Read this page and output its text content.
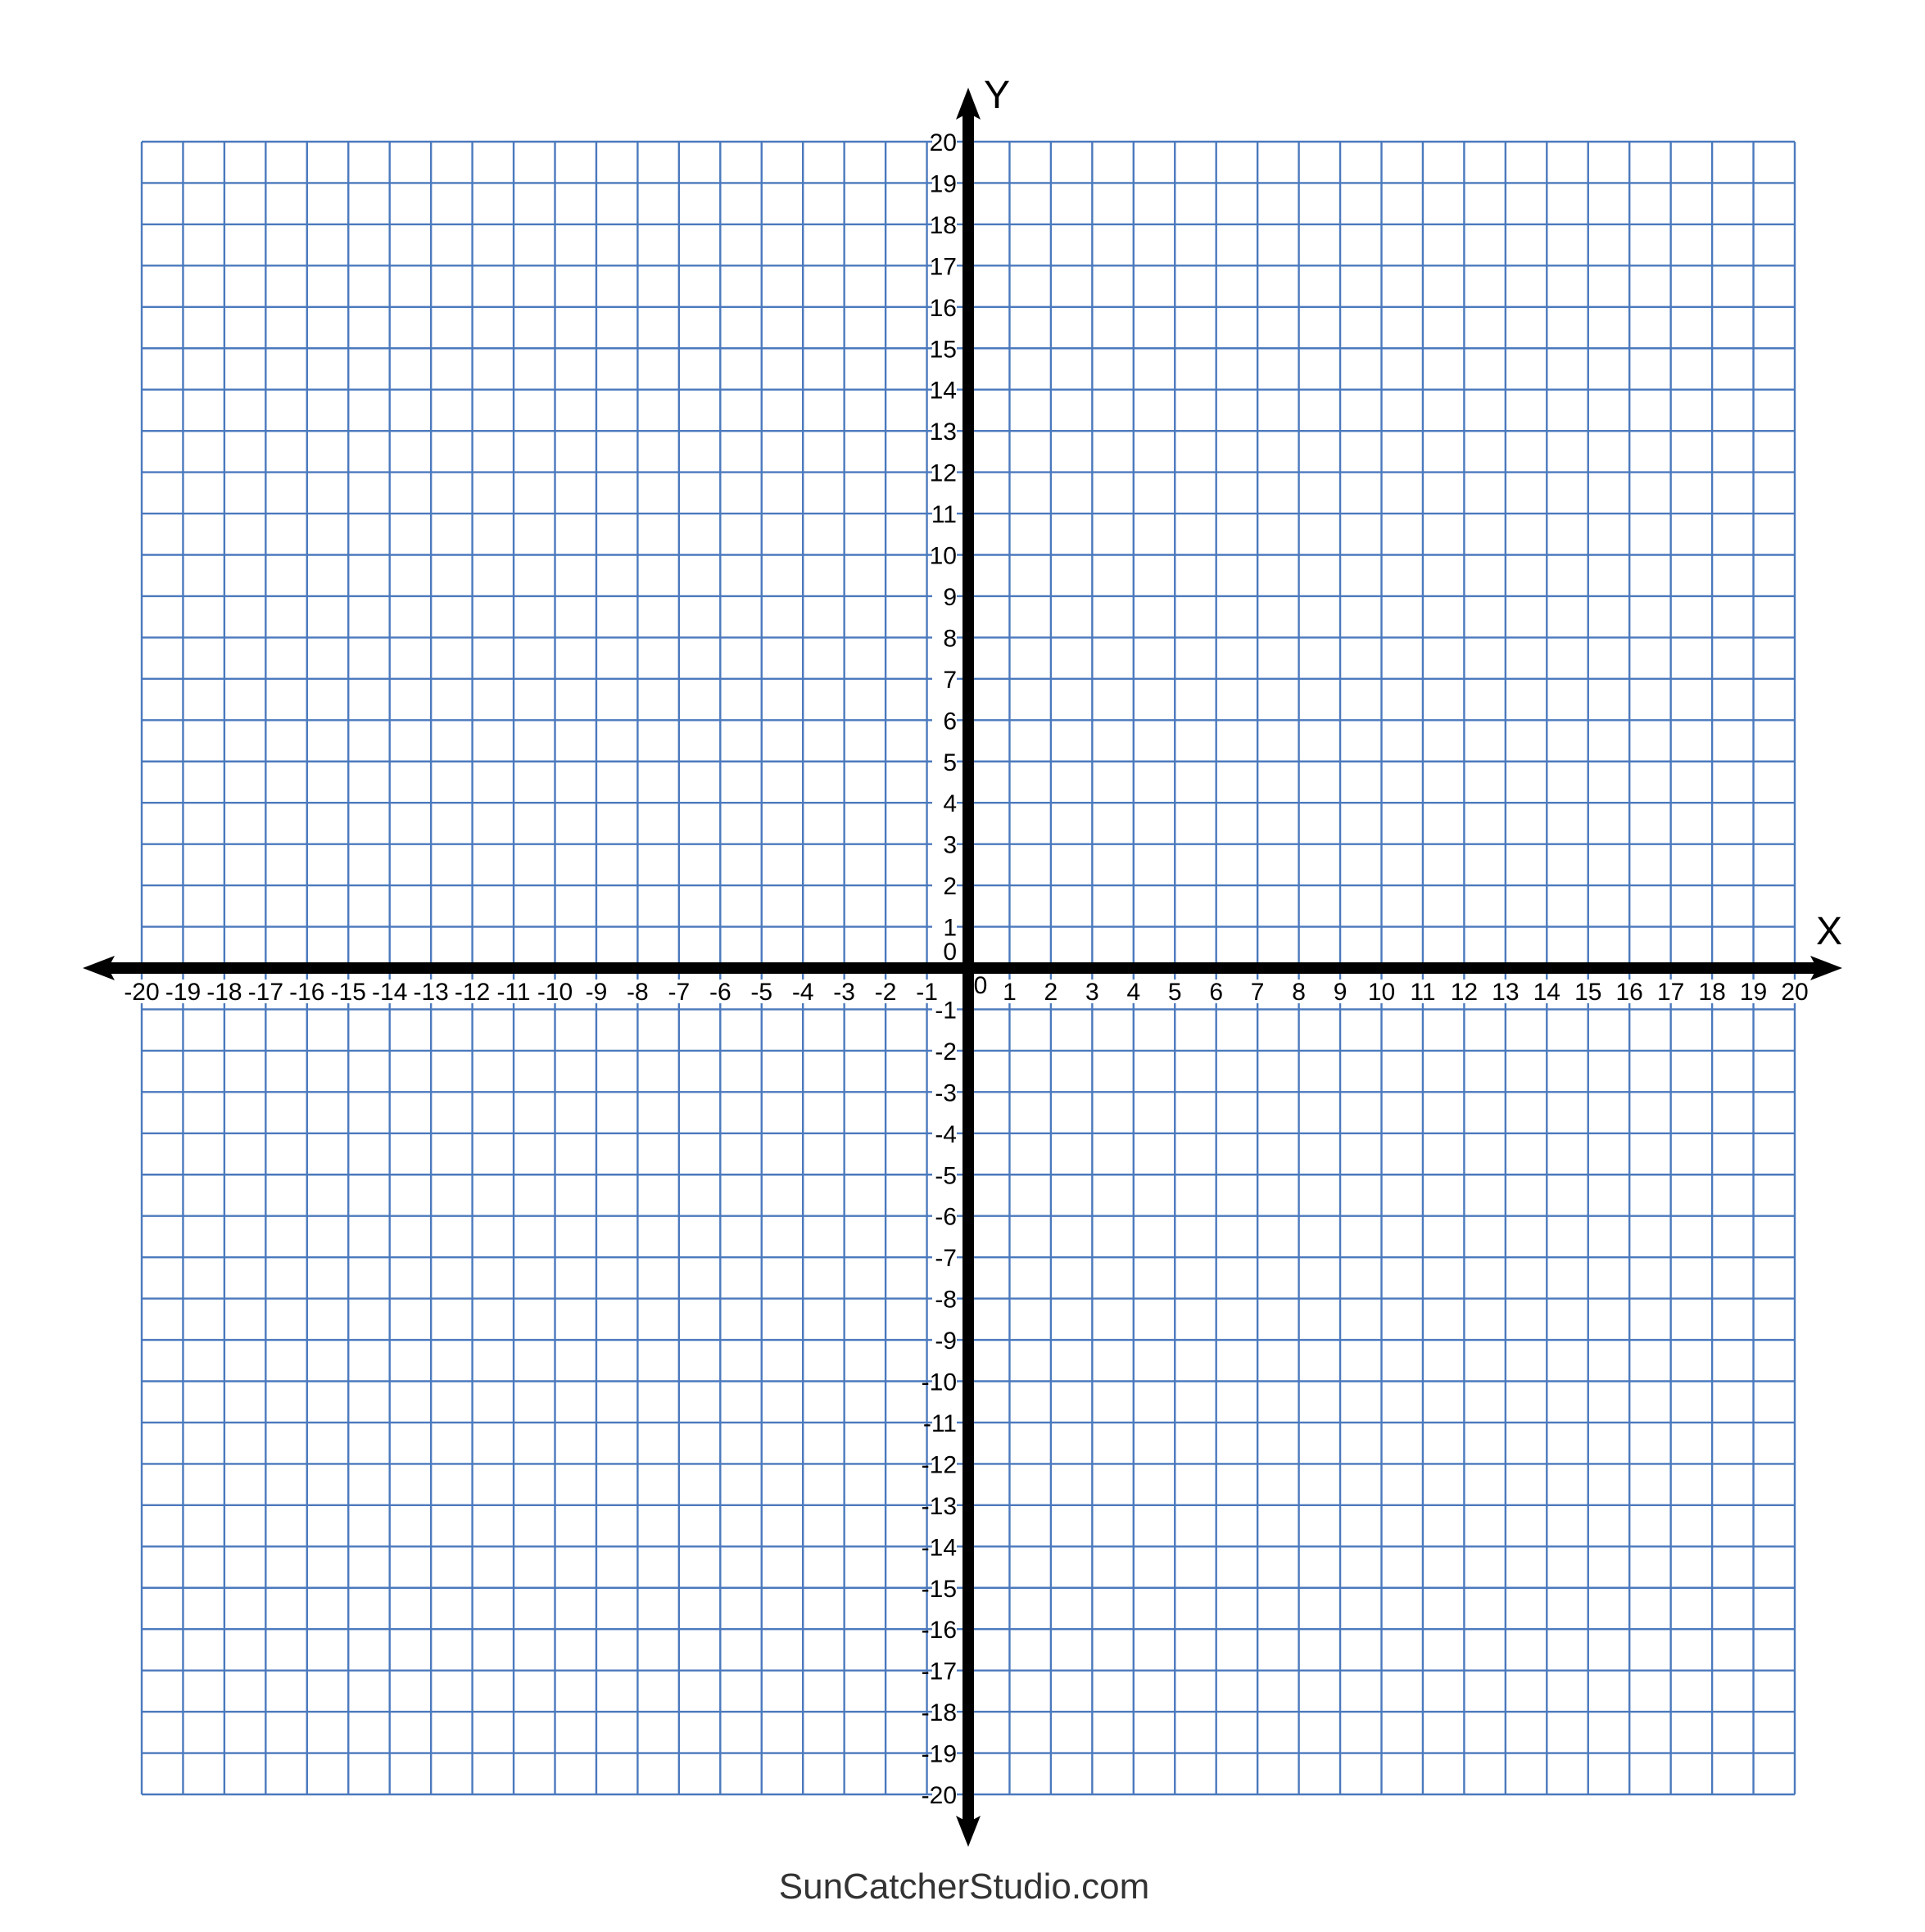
-20 -19 -18 -17 -16 -15 -14 -13 -12 -11 -10 -9 -8 -7 -6 -5 -4 -3 -2 -1 0 1 2 3 4 5 6 7 8 9 10 11 12 13 14 15 16 17 18 19 20
-20
-19
-18
-17
-16
-15
-14
-13
-12
-11
-10
-9
-8
-7
-6
-5
-4
-3
-2
-1
0
1
2
3
4
5
6
7
8
9
10
11
12
13
14
15
16
17
18
19
20
X
Y
SunCatcherStudio.com
